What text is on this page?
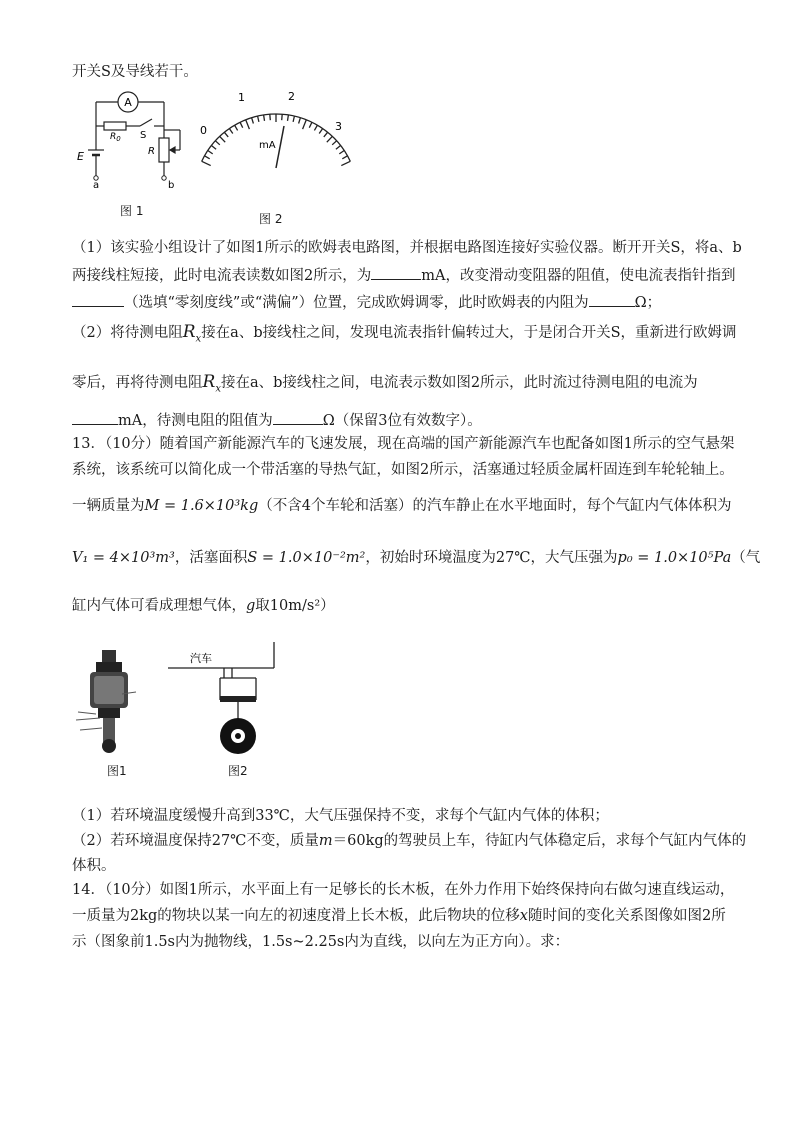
开关S及导线若干。
A
$R_0$ S
E	R
a	b
图 1
0
1	2
3
mA
图 2
（1）该实验小组设计了如图1所示的欧姆表电路图，并根据电路图连接好实验仪器。断开开关S，将a、b
两接线柱短接，此时电流表读数如图2所示，为	mA，改变滑动变阻器的阻值，使电流表指针指到
（选填“零刻度线”或“满偏”）位置，完成欧姆调零，此时欧姆表的内阻为	Ω；
（2）将待测电阻$R_x$接在a、b接线柱之间，发现电流表指针偏转过大，于是闭合开关S，重新进行欧姆调
零后，再将待测电阻$R_x$接在a、b接线柱之间，电流表示数如图2所示，此时流过待测电阻的电流为
mA，待测电阻的阻值为	Ω（保留3位有效数字）。
13．（10分）随着国产新能源汽车的飞速发展，现在高端的国产新能源汽车也配备如图1所示的空气悬架
系统，该系统可以简化成一个带活塞的导热气缸，如图2所示，活塞通过轻质金属杆固连到车轮轮轴上。
一辆质量为M = 1.6×10³kg（不含4个车轮和活塞）的汽车静止在水平地面时，每个气缸内气体体积为
V₁ = 4×10³m³，活塞面积S = 1.0×10⁻²m²，初始时环境温度为27℃，大气压强为p₀ = 1.0×10⁵Pa（气
缸内气体可看成理想气体，g取10m/s²）
图1
汽车
图2
（1）若环境温度缓慢升高到33℃，大气压强保持不变，求每个气缸内气体的体积；
（2）若环境温度保持27℃不变，质量m＝60kg的驾驶员上车，待缸内气体稳定后，求每个气缸内气体的
体积。
14．（10分）如图1所示，水平面上有一足够长的长木板，在外力作用下始终保持向右做匀速直线运动，
一质量为2kg的物块以某一向左的初速度滑上长木板，此后物块的位移x随时间的变化关系图像如图2所
示（图象前1.5s内为抛物线，1.5s~2.25s内为直线，以向左为正方向）。求：
